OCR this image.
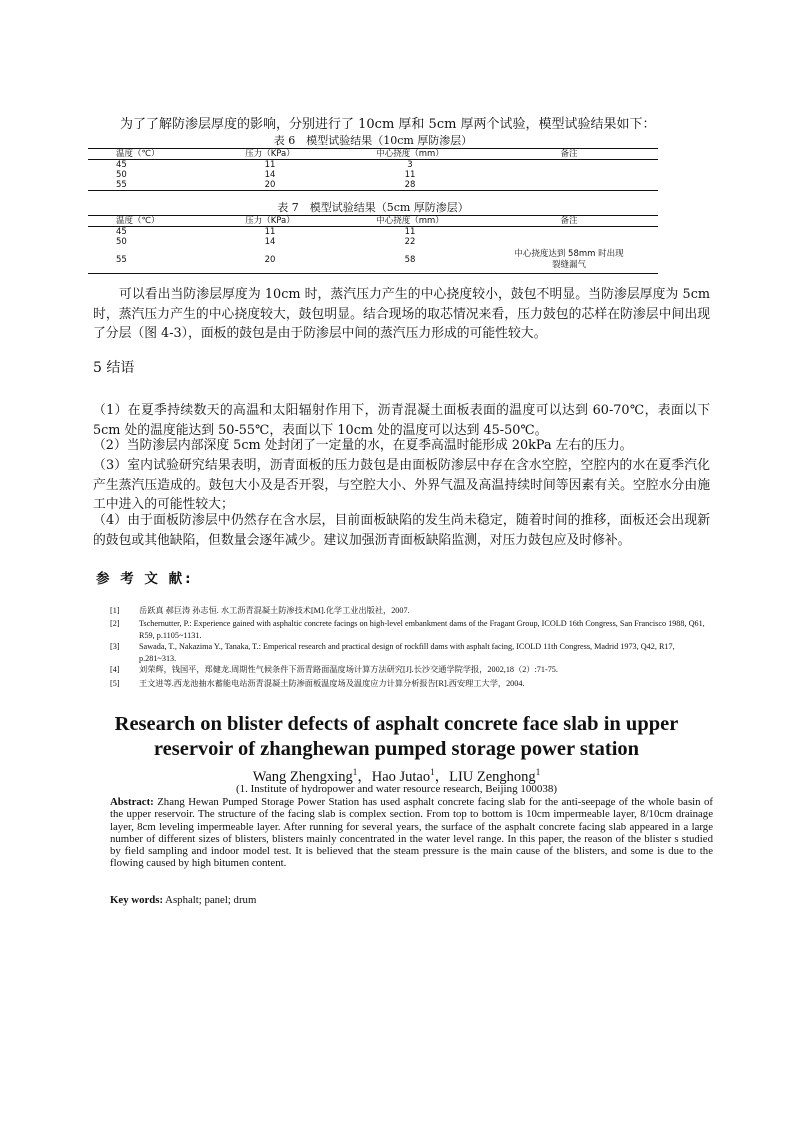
为了了解防渗层厚度的影响，分别进行了 10cm 厚和 5cm 厚两个试验，模型试验结果如下：
表 6　模型试验结果（10cm 厚防渗层）
温度（℃）	压力（KPa）	中心挠度（mm）	备注
45	11	3	
50	14	11	
55	20	28	
表 7　模型试验结果（5cm 厚防渗层）
温度（℃）	压力（KPa）	中心挠度（mm）	备注
45	11	11	
50	14	22	
55	20	58	中心挠度达到 58mm 时出现
裂缝漏气
可以看出当防渗层厚度为 10cm 时，蒸汽压力产生的中心挠度较小，鼓包不明显。当防渗层厚度为 5cm 时，蒸汽压力产生的中心挠度较大，鼓包明显。结合现场的取芯情况来看，压力鼓包的芯样在防渗层中间出现了分层（图 4-3），面板的鼓包是由于防渗层中间的蒸汽压力形成的可能性较大。
5 结语
（1）在夏季持续数天的高温和太阳辐射作用下，沥青混凝土面板表面的温度可以达到 60-70℃，表面以下 5cm 处的温度能达到 50-55℃，表面以下 10cm 处的温度可以达到 45-50℃。
（2）当防渗层内部深度 5cm 处封闭了一定量的水，在夏季高温时能形成 20kPa 左右的压力。
（3）室内试验研究结果表明，沥青面板的压力鼓包是由面板防渗层中存在含水空腔，空腔内的水在夏季汽化产生蒸汽压造成的。鼓包大小及是否开裂，与空腔大小、外界气温及高温持续时间等因素有关。空腔水分由施工中进入的可能性较大；
（4）由于面板防渗层中仍然存在含水层，目前面板缺陷的发生尚未稳定，随着时间的推移，面板还会出现新的鼓包或其他缺陷，但数量会逐年减少。建议加强沥青面板缺陷监测，对压力鼓包应及时修补。
参 考 文 献:
[1] 岳跃真 郝巨涛 孙志恒. 水工沥青混凝土防渗技术[M].化学工业出版社，2007.
[2] Tschernutter, P.: Experience gained with asphaltic concrete facings on high-level embankment dams of the Fragant Group, ICOLD 16th Congress, San Francisco 1988, Q61, R59, p.1105~1131.
[3] Sawada, T., Nakazima Y., Tanaka, T.: Emperical research and practical design of rockfill dams with asphalt facing, ICOLD 11th Congress, Madrid 1973, Q42, R17, p.281~313.
[4] 刘荣辉，钱国平，郑健龙.周期性气候条件下沥青路面温度场计算方法研究[J].长沙交通学院学报，2002,18（2）:71-75.
[5] 王文进等.西龙池抽水蓄能电站沥青混凝土防渗面板温度场及温度应力计算分析报告[R].西安理工大学，2004.
Research on blister defects of asphalt concrete face slab in upper
reservoir of zhanghewan pumped storage power station
Wang Zhengxing$^1$，Hao Jutao$^1$，LIU Zenghong$^1$
(1. Institute of hydropower and water resource research, Beijing 100038)
Abstract: Zhang Hewan Pumped Storage Power Station has used asphalt concrete facing slab for the anti-seepage of the whole basin of the upper reservoir. The structure of the facing slab is complex section. From top to bottom is 10cm impermeable layer, 8/10cm drainage layer, 8cm leveling impermeable layer. After running for several years, the surface of the asphalt concrete facing slab appeared in a large number of different sizes of blisters, blisters mainly concentrated in the water level range. In this paper, the reason of the blister s studied by field sampling and indoor model test. It is believed that the steam pressure is the main cause of the blisters, and some is due to the flowing caused by high bitumen content.
Key words: Asphalt; panel; drum
